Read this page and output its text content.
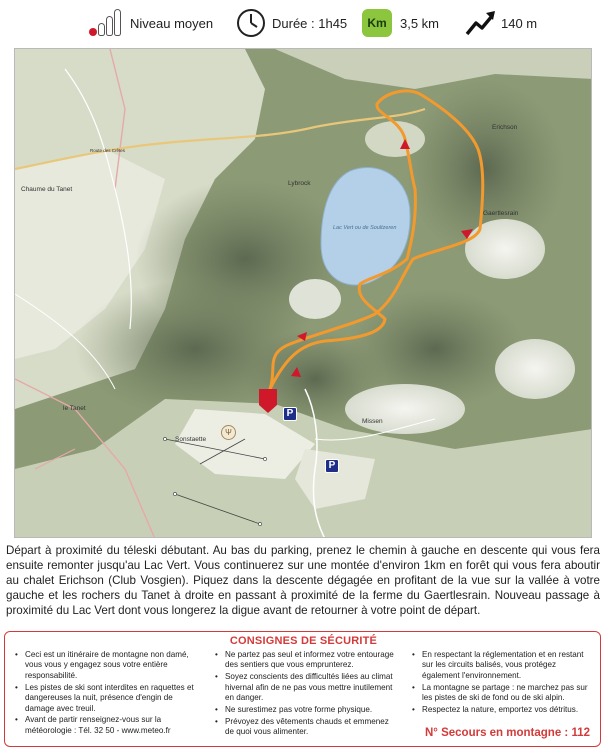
Niveau moyen	Durée : 1h45	Km	3,5 km	140 m
Chaume du Tanet
Route des Crêtes
Lybrock
Erichson
Gaertlesrain
Lac Vert ou de Soultzeren
le Tanet
Sonstaette
Missen
P
P
Ψ

Départ à proximité du téleski débutant. Au bas du parking, prenez le chemin à gauche en descente qui vous fera ensuite remonter jusqu'au Lac Vert. Vous continuerez sur une montée d'environ 1km en forêt qui vous fera aboutir au chalet Erichson (Club Vosgien). Piquez dans la descente dégagée en profitant de la vue sur la vallée à votre gauche et les rochers du Tanet à droite en passant à proximité de la ferme du Gaertlesrain. Nouveau passage à proximité du Lac Vert dont vous longerez la digue avant de retourner à votre point de départ.

CONSIGNES DE SÉCURITÉ
• Ceci est un itinéraire de montagne non damé, vous vous y engagez sous votre entière responsabilité.
• Les pistes de ski sont interdites en raquettes et dangereuses la nuit, présence d'engin de damage avec treuil.
• Avant de partir renseignez-vous sur la météorologie : Tél. 32 50 - www.meteo.fr
• Ne partez pas seul et informez votre entourage des sentiers que vous emprunterez.
• Soyez conscients des difficultés liées au climat hivernal afin de ne pas vous mettre inutilement en danger.
• Ne surestimez pas votre forme physique.
• Prévoyez des vêtements chauds et emmenez de quoi vous alimenter.
• En respectant la réglementation et en restant sur les circuits balisés, vous protégez également l'environnement.
• La montagne se partage : ne marchez pas sur les pistes de ski de fond ou de ski alpin.
• Respectez la nature, emportez vos détritus.
N° Secours en montagne : 112
